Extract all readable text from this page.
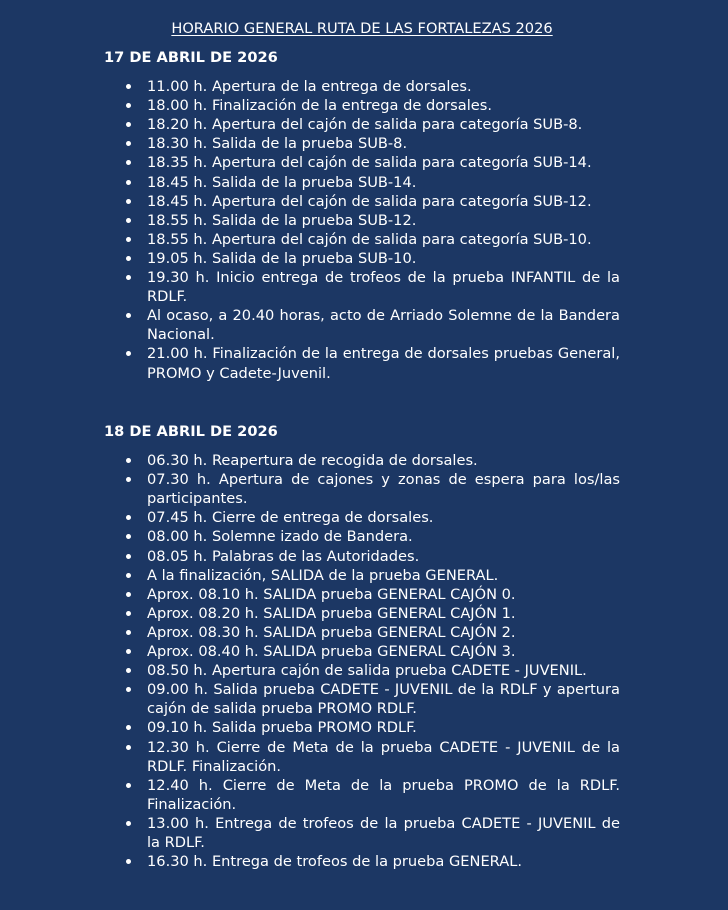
HORARIO GENERAL RUTA DE LAS FORTALEZAS 2026
17 DE ABRIL DE 2026
11.00 h. Apertura de la entrega de dorsales.
18.00 h. Finalización de la entrega de dorsales.
18.20 h. Apertura del cajón de salida para categoría SUB-8.
18.30 h. Salida de la prueba SUB-8.
18.35 h. Apertura del cajón de salida para categoría SUB-14.
18.45 h. Salida de la prueba SUB-14.
18.45 h. Apertura del cajón de salida para categoría SUB-12.
18.55 h. Salida de la prueba SUB-12.
18.55 h. Apertura del cajón de salida para categoría SUB-10.
19.05 h. Salida de la prueba SUB-10.
19.30 h. Inicio entrega de trofeos de la prueba INFANTIL de la RDLF.
Al ocaso, a 20.40 horas, acto de Arriado Solemne de la Bandera Nacional.
21.00 h. Finalización de la entrega de dorsales pruebas General, PROMO y Cadete-Juvenil.
18 DE ABRIL DE 2026
06.30 h. Reapertura de recogida de dorsales.
07.30 h. Apertura de cajones y zonas de espera para los/las participantes.
07.45 h. Cierre de entrega de dorsales.
08.00 h. Solemne izado de Bandera.
08.05 h. Palabras de las Autoridades.
A la finalización, SALIDA de la prueba GENERAL.
Aprox. 08.10 h. SALIDA prueba GENERAL CAJÓN 0.
Aprox. 08.20 h. SALIDA prueba GENERAL CAJÓN 1.
Aprox. 08.30 h. SALIDA prueba GENERAL CAJÓN 2.
Aprox. 08.40 h. SALIDA prueba GENERAL CAJÓN 3.
08.50 h. Apertura cajón de salida prueba CADETE - JUVENIL.
09.00 h. Salida prueba CADETE - JUVENIL de la RDLF y apertura cajón de salida prueba PROMO RDLF.
09.10 h. Salida prueba PROMO RDLF.
12.30 h. Cierre de Meta de la prueba CADETE - JUVENIL de la RDLF. Finalización.
12.40 h. Cierre de Meta de la prueba PROMO de la RDLF. Finalización.
13.00 h. Entrega de trofeos de la prueba CADETE - JUVENIL de la RDLF.
16.30 h. Entrega de trofeos de la prueba GENERAL.
